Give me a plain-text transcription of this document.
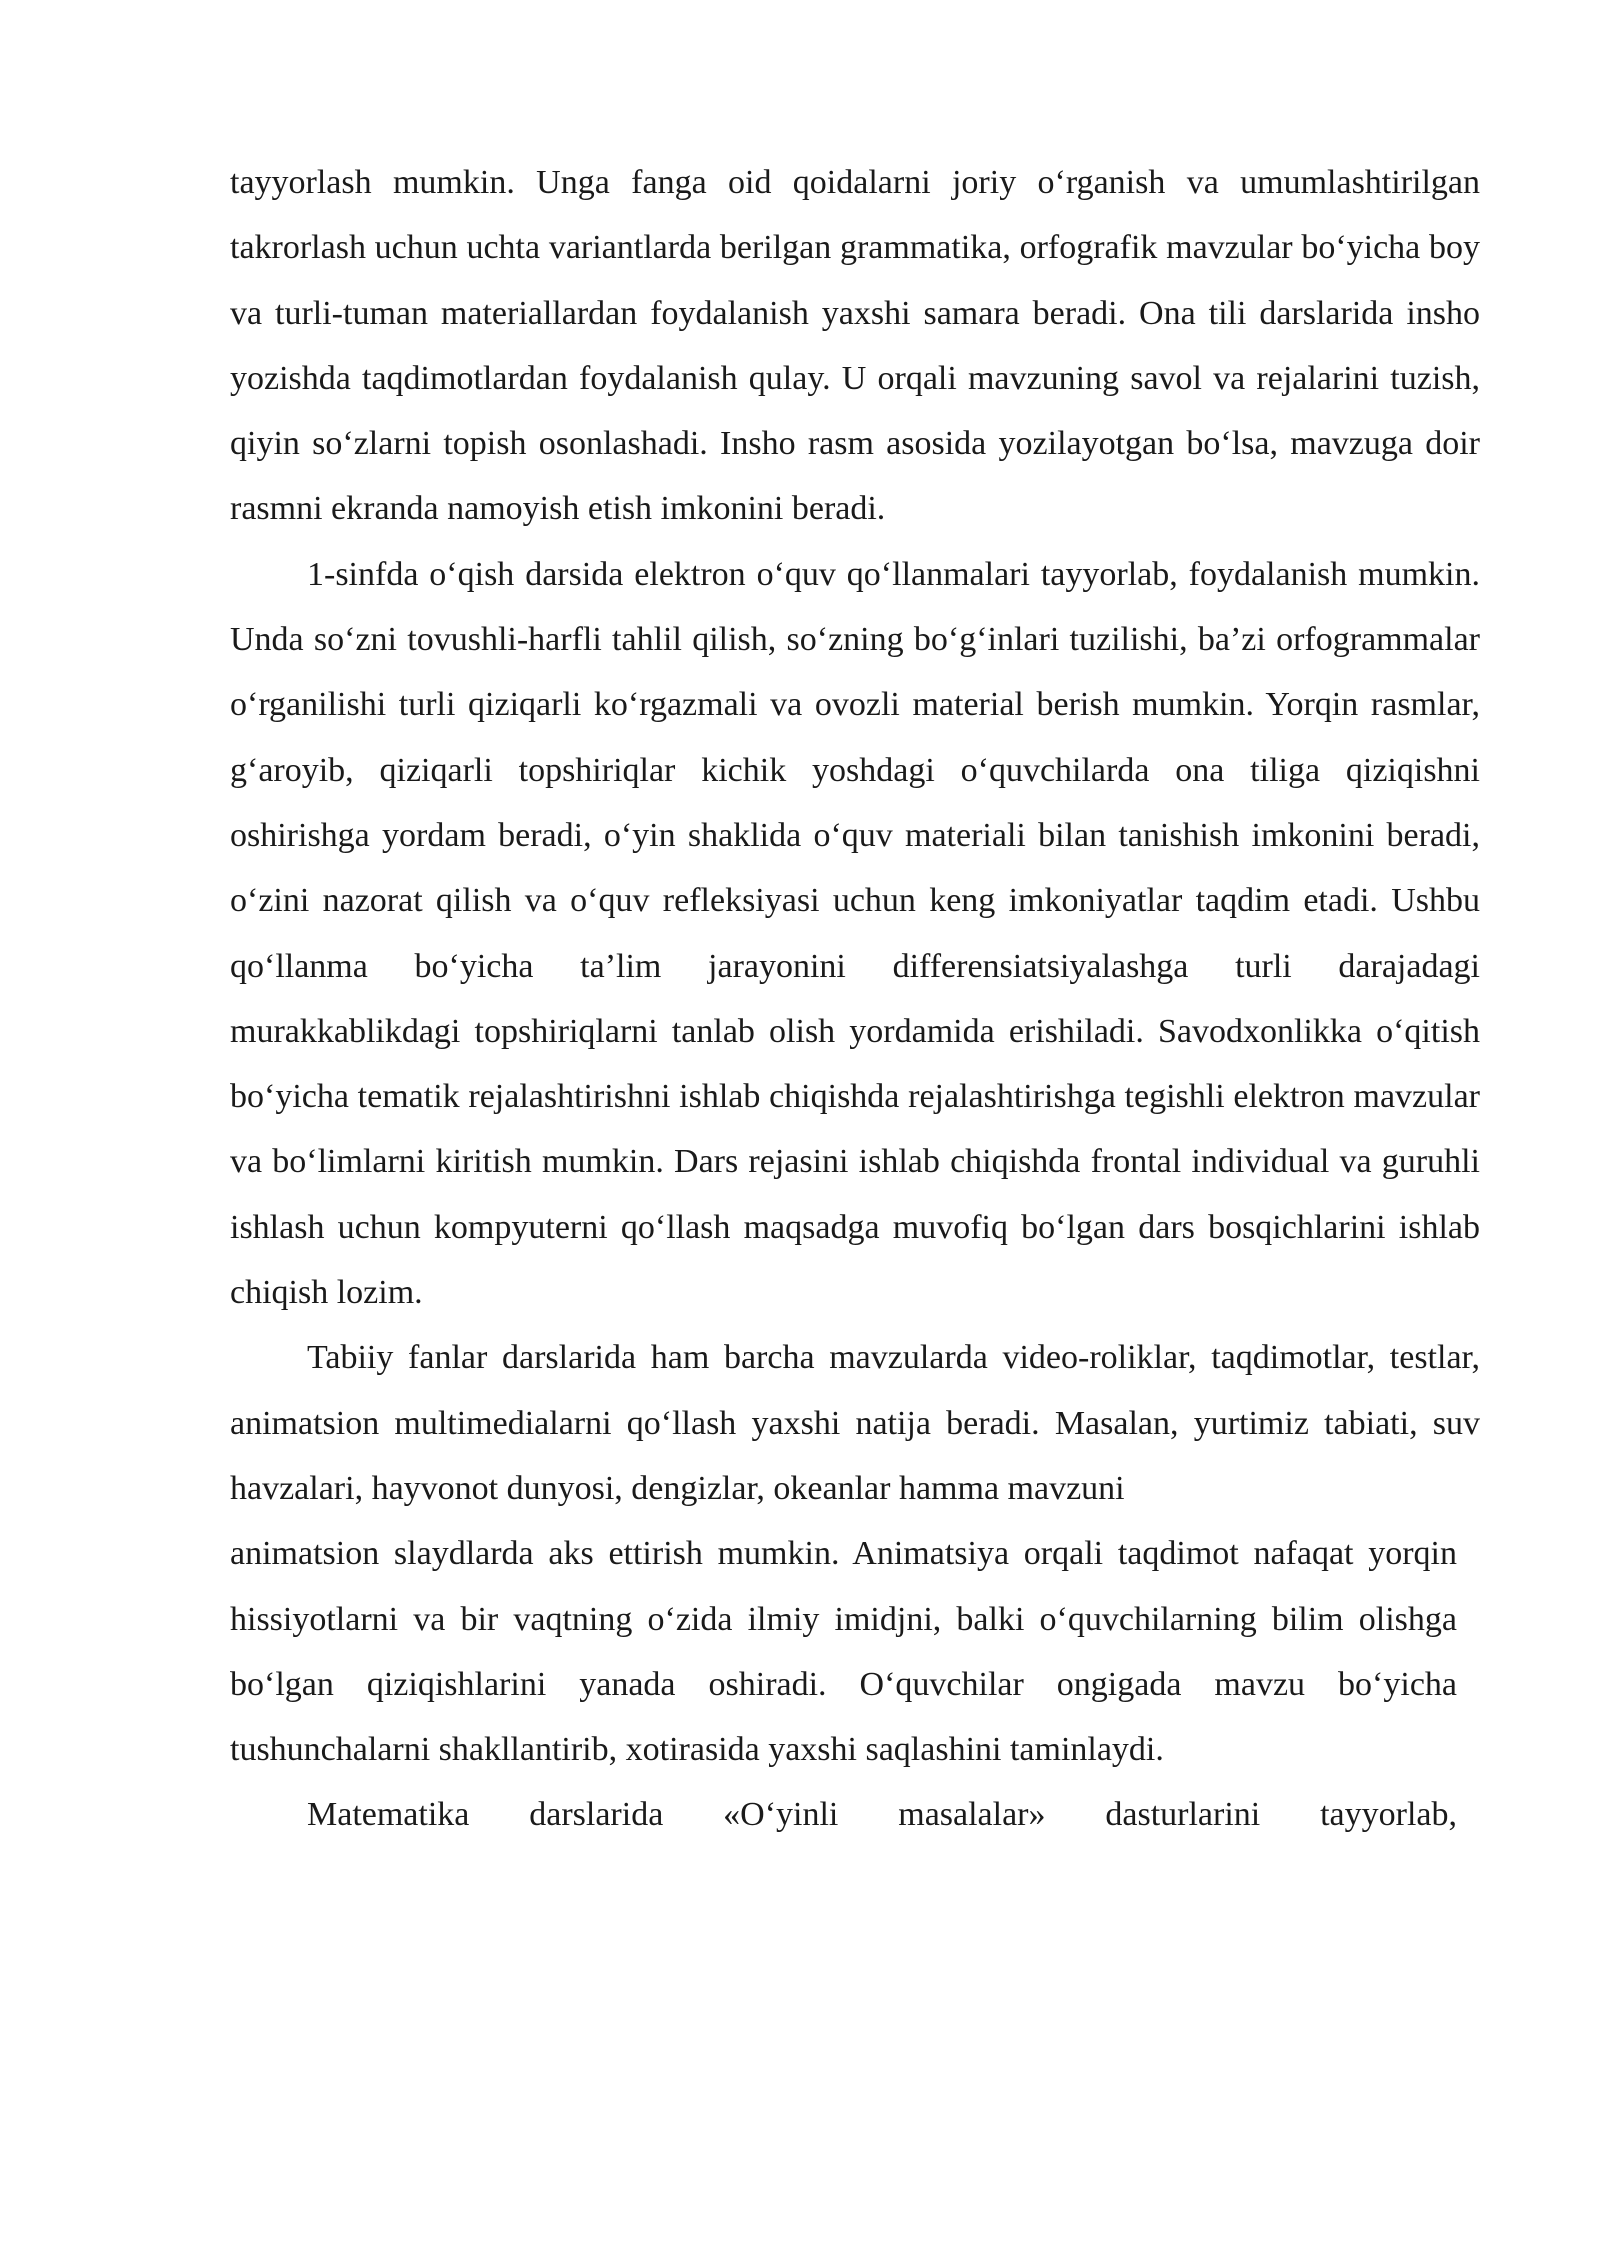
tayyorlash mumkin. Unga fanga oid qoidalarni joriy o‘rganish va umumlashtirilgan takrorlash uchun uchta variantlarda berilgan grammatika, orfografik mavzular bo‘yicha boy va turli-tuman materiallardan foydalanish yaxshi samara beradi. Ona tili darslarida insho yozishda taqdimotlardan foydalanish qulay. U orqali mavzuning savol va rejalarini tuzish, qiyin so‘zlarni topish osonlashadi. Insho rasm asosida yozilayotgan bo‘lsa, mavzuga doir rasmni ekranda namoyish etish imkonini beradi.

1-sinfda o‘qish darsida elektron o‘quv qo‘llanmalari tayyorlab, foydalanish mumkin. Unda so‘zni tovushli-harfli tahlil qilish, so‘zning bo‘g‘inlari tuzilishi, ba’zi orfogrammalar o‘rganilishi turli qiziqarli ko‘rgazmali va ovozli material berish mumkin. Yorqin rasmlar, g‘aroyib, qiziqarli topshiriqlar kichik yoshdagi o‘quvchilarda ona tiliga qiziqishni oshirishga yordam beradi, o‘yin shaklida o‘quv materiali bilan tanishish imkonini beradi, o‘zini nazorat qilish va o‘quv refleksiyasi uchun keng imkoniyatlar taqdim etadi. Ushbu qo‘llanma bo‘yicha ta’lim jarayonini differensiatsiyalashga turli darajadagi murakkablikdagi topshiriqlarni tanlab olish yordamida erishiladi. Savodxonlikka o‘qitish bo‘yicha tematik rejalashtirishni ishlab chiqishda rejalashtirishga tegishli elektron mavzular va bo‘limlarni kiritish mumkin. Dars rejasini ishlab chiqishda frontal individual va guruhli ishlash uchun kompyuterni qo‘llash maqsadga muvofiq bo‘lgan dars bosqichlarini ishlab chiqish lozim.

Tabiiy fanlar darslarida ham barcha mavzularda video-roliklar, taqdimotlar, testlar, animatsion multimedialarni qo‘llash yaxshi natija beradi. Masalan, yurtimiz tabiati, suv havzalari, hayvonot dunyosi, dengizlar, okeanlar hamma mavzuni

animatsion slaydlarda aks ettirish mumkin. Animatsiya orqali taqdimot nafaqat yorqin hissiyotlarni va bir vaqtning o‘zida ilmiy imidjni, balki o‘quvchilarning bilim olishga bo‘lgan qiziqishlarini yanada oshiradi. O‘quvchilar ongigada mavzu bo‘yicha tushunchalarni shakllantirib, xotirasida yaxshi saqlashini taminlaydi.

Matematika darslarida «O‘yinli masalalar» dasturlarini tayyorlab,
